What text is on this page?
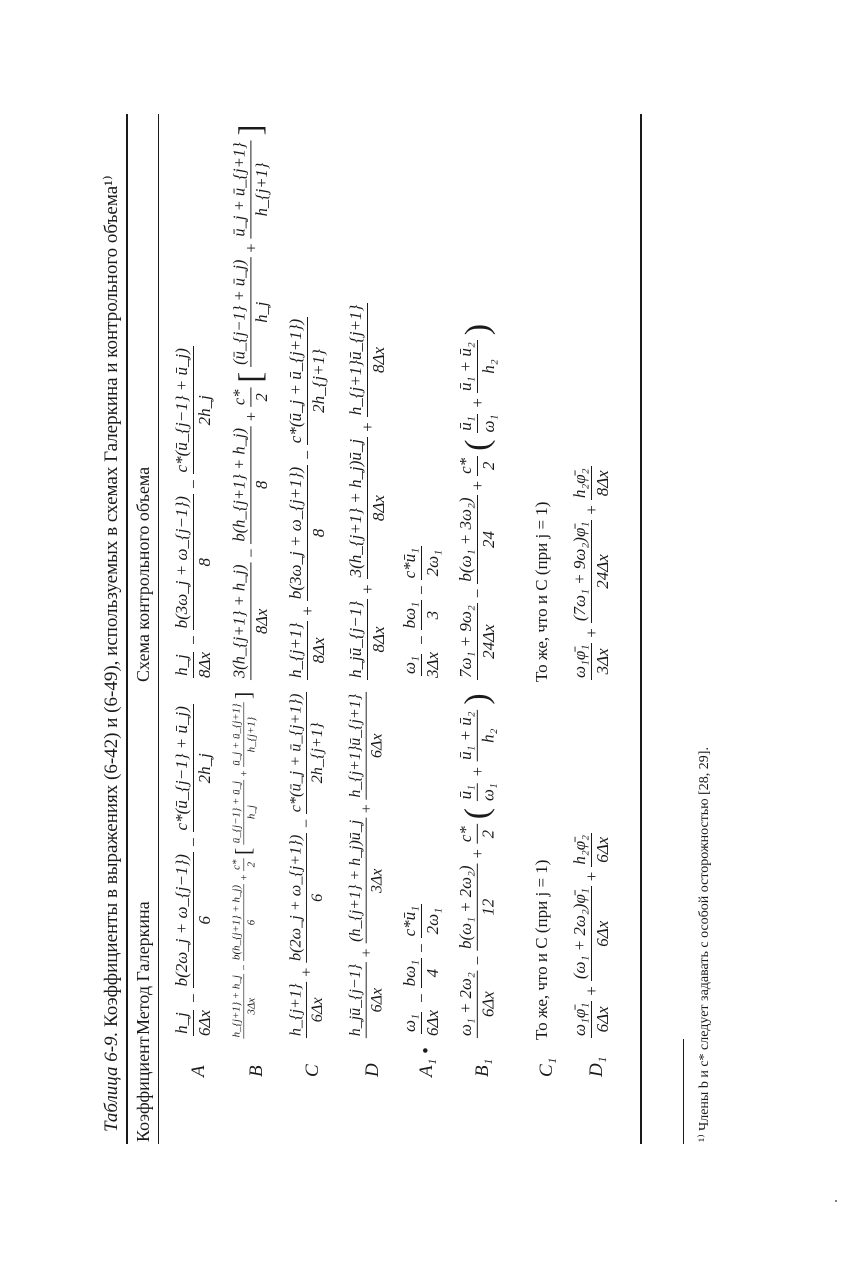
Таблица 6-9. Коэффициенты в выражениях (6-42) и (6-49), используемых в схемах Галеркина и контрольного объема¹⁾
Коэффициент
Метод Галеркина
Схема контрольного объема
A
h_j 6Δx
−
b(2ω_j + ω_{j−1}) 6
−
c*(ū_{j−1} + ū_j) 2h_j
h_j 8Δx
−
b(3ω_j + ω_{j−1}) 8
−
c*(ū_{j−1} + ū_j) 2h_j
B
h_{j+1} + h_j 3Δx
−
b(h_{j+1} + h_j) 6
+
c* 2
[
ū_{j−1} + ū_j h_j
+
ū_j + ū_{j+1} h_{j+1}
]
3(h_{j+1} + h_j) 8Δx
−
b(h_{j+1} + h_j) 8
+
c* 2
[
(ū_{j−1} + ū_j) h_j
+
ū_j + ū_{j+1} h_{j+1}
]
C
h_{j+1} 6Δx
+
b(2ω_j + ω_{j+1}) 6
−
c*(ū_j + ū_{j+1}) 2h_{j+1}
h_{j+1} 8Δx
+
b(3ω_j + ω_{j+1}) 8
−
c*(ū_j + ū_{j+1}) 2h_{j+1}
D
h_jū_{j−1} 6Δx
+
(h_{j+1} + h_j)ū_j 3Δx
+
h_{j+1}ū_{j+1} 6Δx
h_jū_{j−1} 8Δx
+
3(h_{j+1} + h_j)ū_j 8Δx
+
h_{j+1}ū_{j+1} 8Δx
A₁ •
ω₁ 6Δx
−
bω₁ 4
−
c*ū₁ 2ω₁
ω₁ 3Δx
−
bω₁ 3
−
c*ū₁ 2ω₁
B₁
ω₁ + 2ω₂ 6Δx
−
b(ω₁ + 2ω₂) 12
+
c* 2
(
ū₁ ω₁
+
ū₁ + ū₂ h₂
)
7ω₁ + 9ω₂ 24Δx
−
b(ω₁ + 3ω₂) 24
+
c* 2
(
ū₁ ω₁
+
ū₁ + ū₂ h₂
)
C₁
То же, что и C (при j = 1)
То же, что и C (при j = 1)
D₁
ω₁φ̄₁ 6Δx
+
(ω₁ + 2ω₂)φ̄₁ 6Δx
+
h₂φ̄₂ 6Δx
ω₁φ̄₁ 3Δx
+
(7ω₁ + 9ω₂)φ̄₁ 24Δx
+
h₂φ̄₂ 8Δx
¹⁾ Члены b и c* следует задавать с особой осторожностью [28, 29].
